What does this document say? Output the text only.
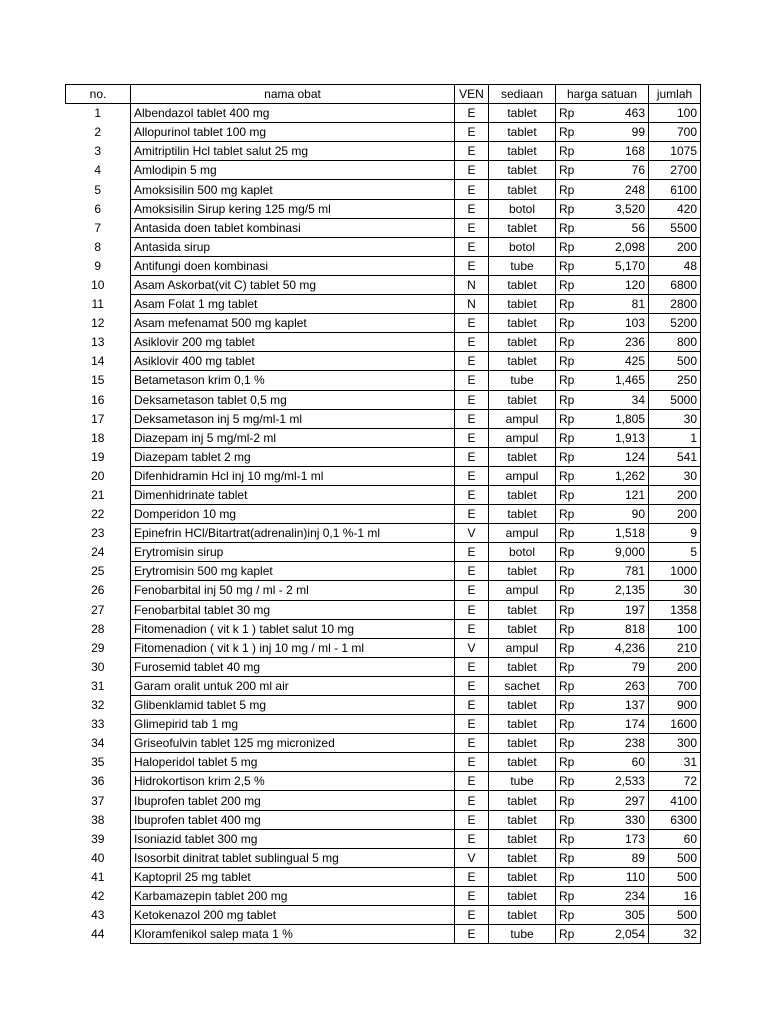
no.	nama obat	VEN	sediaan	harga satuan		jumlah
1	Albendazol tablet 400 mg	E	tablet	Rp	463	100
2	Allopurinol tablet 100 mg	E	tablet	Rp	99	700
3	Amitriptilin Hcl tablet salut 25 mg	E	tablet	Rp	168	1075
4	Amlodipin 5 mg	E	tablet	Rp	76	2700
5	Amoksisilin 500 mg kaplet	E	tablet	Rp	248	6100
6	Amoksisilin Sirup kering 125 mg/5 ml	E	botol	Rp	3,520	420
7	Antasida doen tablet kombinasi	E	tablet	Rp	56	5500
8	Antasida sirup	E	botol	Rp	2,098	200
9	Antifungi doen kombinasi	E	tube	Rp	5,170	48
10	Asam Askorbat(vit C) tablet 50 mg	N	tablet	Rp	120	6800
11	Asam Folat 1 mg tablet	N	tablet	Rp	81	2800
12	Asam mefenamat 500 mg kaplet	E	tablet	Rp	103	5200
13	Asiklovir 200 mg tablet	E	tablet	Rp	236	800
14	Asiklovir 400 mg tablet	E	tablet	Rp	425	500
15	Betametason krim 0,1 %	E	tube	Rp	1,465	250
16	Deksametason tablet 0,5 mg	E	tablet	Rp	34	5000
17	Deksametason inj 5 mg/ml-1 ml	E	ampul	Rp	1,805	30
18	Diazepam inj 5 mg/ml-2 ml	E	ampul	Rp	1,913	1
19	Diazepam tablet 2 mg	E	tablet	Rp	124	541
20	Difenhidramin Hcl inj 10 mg/ml-1 ml	E	ampul	Rp	1,262	30
21	Dimenhidrinate tablet	E	tablet	Rp	121	200
22	Domperidon 10 mg	E	tablet	Rp	90	200
23	Epinefrin HCl/Bitartrat(adrenalin)inj 0,1 %-1 ml	V	ampul	Rp	1,518	9
24	Erytromisin sirup	E	botol	Rp	9,000	5
25	Erytromisin 500 mg kaplet	E	tablet	Rp	781	1000
26	Fenobarbital inj 50 mg / ml - 2 ml	E	ampul	Rp	2,135	30
27	Fenobarbital tablet 30 mg	E	tablet	Rp	197	1358
28	Fitomenadion ( vit k 1 ) tablet salut 10 mg	E	tablet	Rp	818	100
29	Fitomenadion ( vit k 1 ) inj 10 mg / ml - 1 ml	V	ampul	Rp	4,236	210
30	Furosemid tablet 40 mg	E	tablet	Rp	79	200
31	Garam oralit untuk 200 ml air	E	sachet	Rp	263	700
32	Glibenklamid tablet 5 mg	E	tablet	Rp	137	900
33	Glimepirid tab 1 mg	E	tablet	Rp	174	1600
34	Griseofulvin tablet 125 mg micronized	E	tablet	Rp	238	300
35	Haloperidol tablet 5 mg	E	tablet	Rp	60	31
36	Hidrokortison krim 2,5 %	E	tube	Rp	2,533	72
37	Ibuprofen tablet 200 mg	E	tablet	Rp	297	4100
38	Ibuprofen tablet 400 mg	E	tablet	Rp	330	6300
39	Isoniazid tablet 300 mg	E	tablet	Rp	173	60
40	Isosorbit dinitrat tablet sublingual 5 mg	V	tablet	Rp	89	500
41	Kaptopril 25 mg tablet	E	tablet	Rp	110	500
42	Karbamazepin tablet 200 mg	E	tablet	Rp	234	16
43	Ketokenazol 200 mg tablet	E	tablet	Rp	305	500
44	Kloramfenikol salep mata 1 %	E	tube	Rp	2,054	32
